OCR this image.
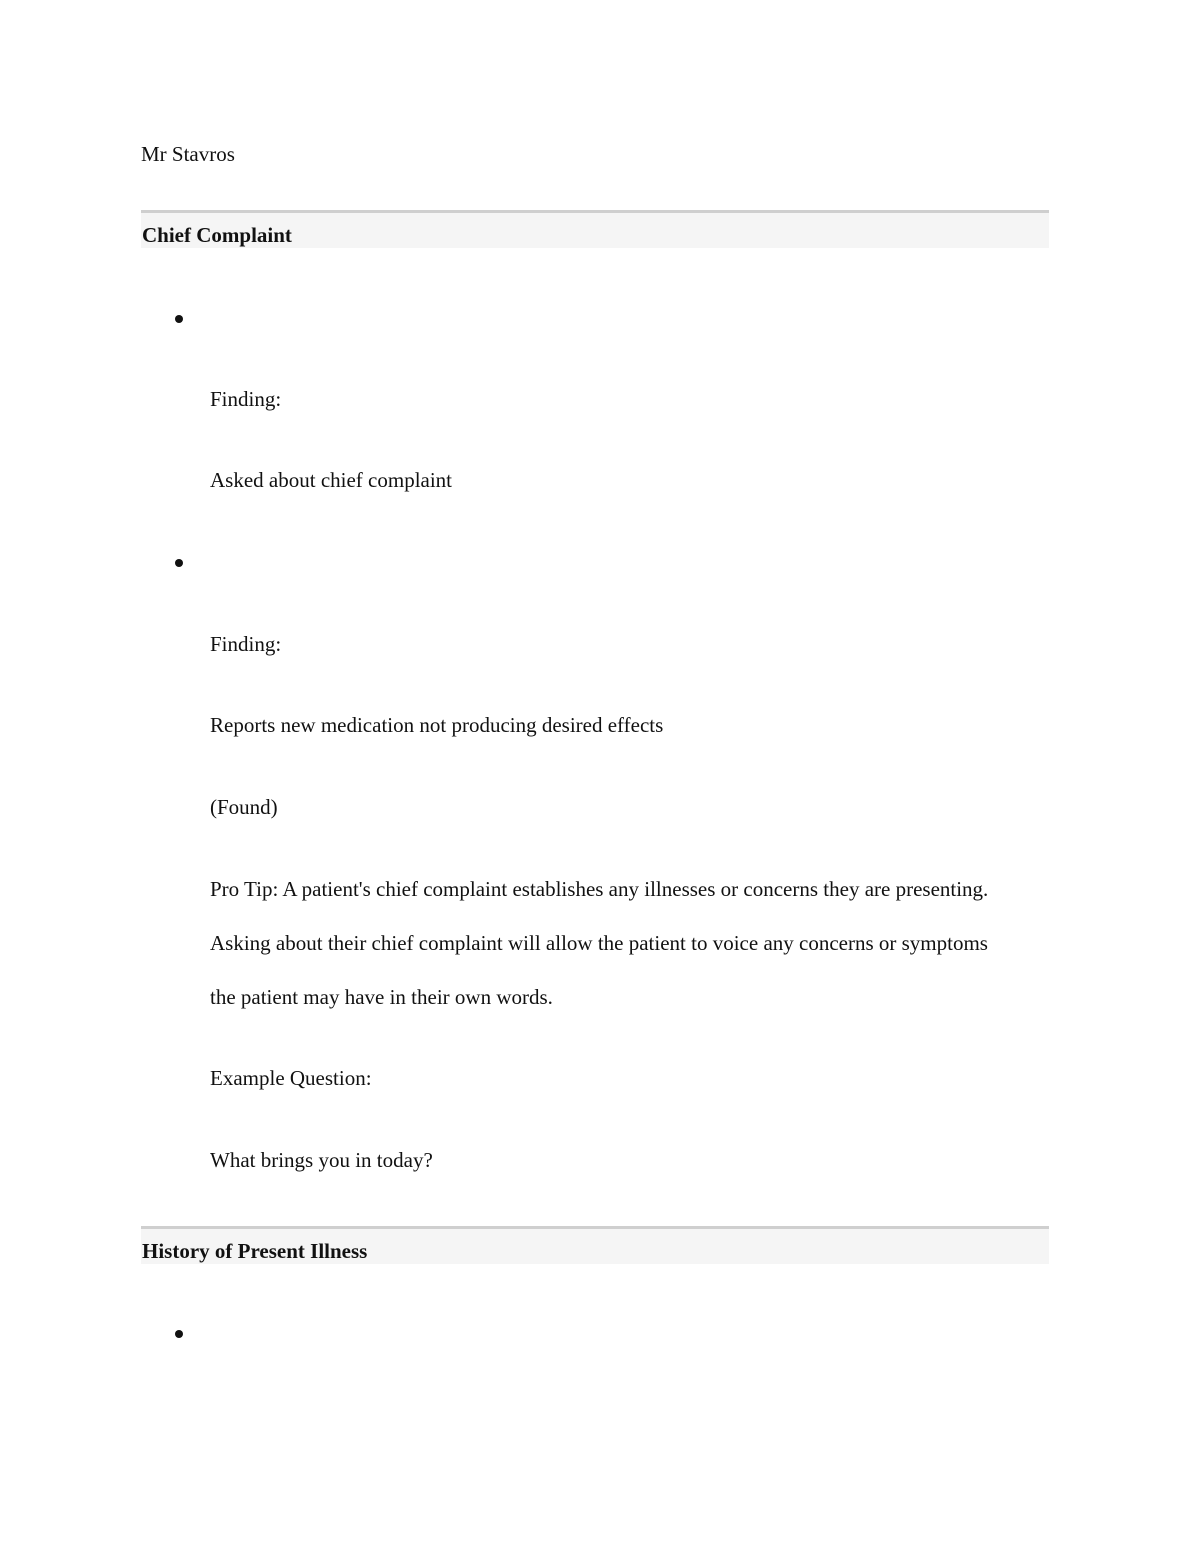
Mr Stavros
Chief Complaint
Finding:
Asked about chief complaint
Finding:
Reports new medication not producing desired effects
(Found)
Pro Tip: A patient's chief complaint establishes any illnesses or concerns they are presenting. Asking about their chief complaint will allow the patient to voice any concerns or symptoms the patient may have in their own words.
Example Question:
What brings you in today?
History of Present Illness
